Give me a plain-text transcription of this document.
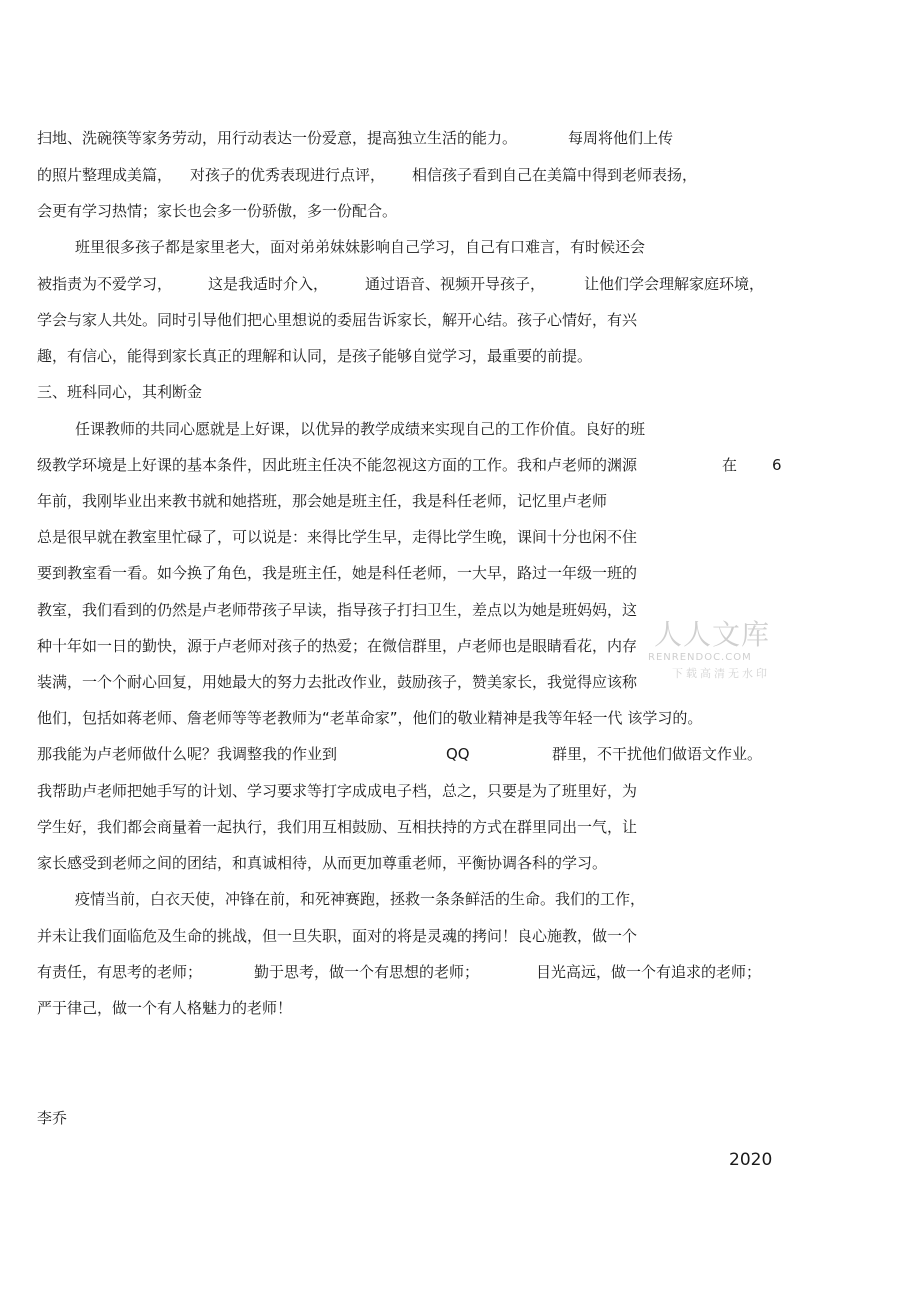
扫地、洗碗筷等家务劳动，用行动表达一份爱意，提高独立生活的能力。	每周将他们上传
的照片整理成美篇， 对孩子的优秀表现进行点评， 相信孩子看到自己在美篇中得到老师表扬，
会更有学习热情；家长也会多一份骄傲，多一份配合。
班里很多孩子都是家里老大，面对弟弟妹妹影响自己学习，自己有口难言，有时候还会
被指责为不爱学习， 这是我适时介入， 通过语音、视频开导孩子，	让他们学会理解家庭环境，
学会与家人共处。同时引导他们把心里想说的委屈告诉家长，解开心结。孩子心情好，有兴
趣，有信心，能得到家长真正的理解和认同，是孩子能够自觉学习，最重要的前提。
三、班科同心，其利断金
任课教师的共同心愿就是上好课，以优异的教学成绩来实现自己的工作价值。良好的班
级教学环境是上好课的基本条件，因此班主任决不能忽视这方面的工作。我和卢老师的渊源	在 6
年前，我刚毕业出来教书就和她搭班，那会她是班主任，我是科任老师，记忆里卢老师
总是很早就在教室里忙碌了，可以说是：来得比学生早，走得比学生晚，课间十分也闲不住
要到教室看一看。如今换了角色，我是班主任，她是科任老师，一大早，路过一年级一班的
教室，我们看到的仍然是卢老师带孩子早读，指导孩子打扫卫生，差点以为她是班妈妈，这
种十年如一日的勤快，源于卢老师对孩子的热爱；在微信群里，卢老师也是眼睛看花，内存
装满，一个个耐心回复，用她最大的努力去批改作业，鼓励孩子，赞美家长，我觉得应该称
他们，包括如蒋老师、詹老师等等老教师为“老革命家”，他们的敬业精神是我等年轻一代 该学习的。
那我能为卢老师做什么呢？我调整我的作业到	QQ	群里，不干扰他们做语文作业。
我帮助卢老师把她手写的计划、学习要求等打字成成电子档，总之，只要是为了班里好，为
学生好，我们都会商量着一起执行，我们用互相鼓励、互相扶持的方式在群里同出一气，让
家长感受到老师之间的团结，和真诚相待，从而更加尊重老师，平衡协调各科的学习。
疫情当前，白衣天使，冲锋在前，和死神赛跑，拯救一条条鲜活的生命。我们的工作，
并未让我们面临危及生命的挑战，但一旦失职，面对的将是灵魂的拷问！良心施教，做一个
有责任，有思考的老师；	勤于思考，做一个有思想的老师；	目光高远，做一个有追求的老师；
严于律己，做一个有人格魅力的老师！
李乔
2020
人人文库
RENRENDOC.COM
下载高清无水印
